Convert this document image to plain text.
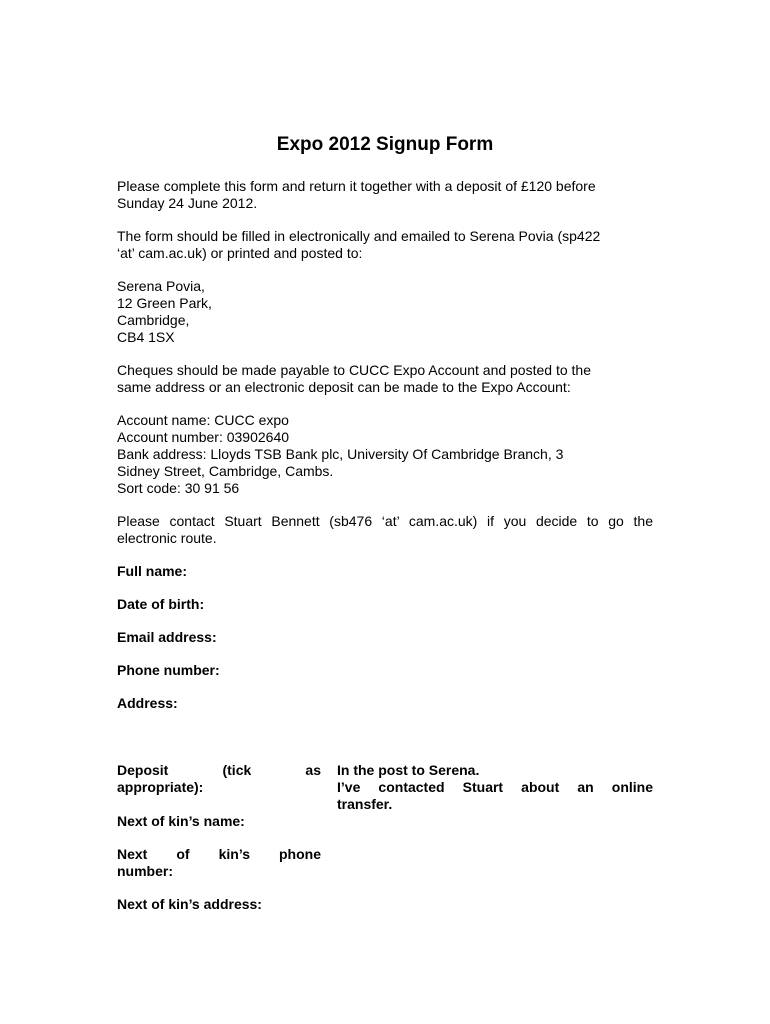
Expo 2012 Signup Form

Please complete this form and return it together with a deposit of £120 before

Sunday 24 June 2012.

The form should be filled in electronically and emailed to Serena Povia (sp422

‘at’ cam.ac.uk) or printed and posted to:

Serena Povia,

12 Green Park,

Cambridge,

CB4 1SX

Cheques should be made payable to CUCC Expo Account and posted to the

same address or an electronic deposit can be made to the Expo Account:

Account name: CUCC expo

Account number: 03902640

Bank address: Lloyds TSB Bank plc, University Of Cambridge Branch, 3

Sidney Street, Cambridge, Cambs.

Sort code: 30 91 56

Please contact Stuart Bennett (sb476 ‘at’ cam.ac.uk) if you decide to go the

electronic route.

Full name:

Date of birth:

Email address:

Phone number:

Address:

Deposit (tick as

appropriate):

In the post to Serena.

I’ve contacted Stuart about an online

transfer.

Next of kin’s name:

Next of kin’s phone

number:

Next of kin’s address:
